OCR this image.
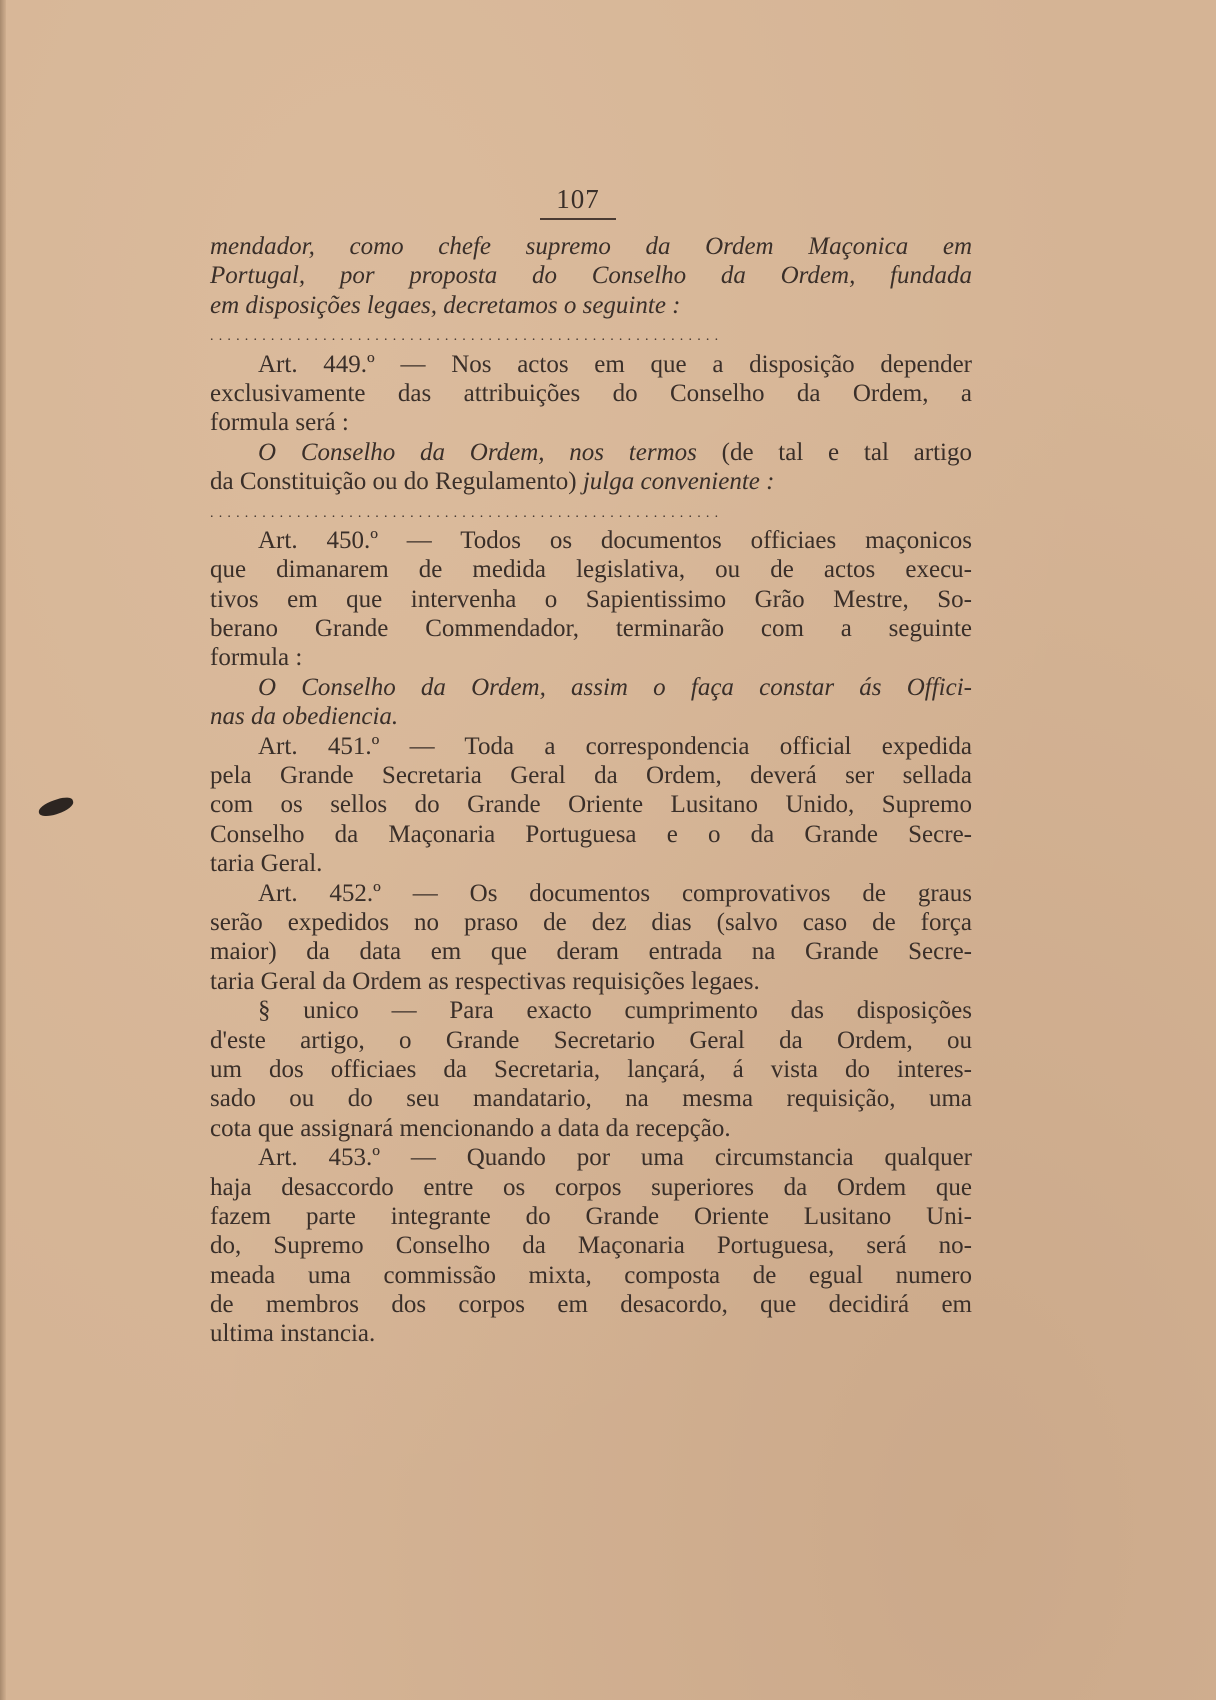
107
mendador, como chefe supremo da Ordem Maçonica em
Portugal, por proposta do Conselho da Ordem, fundada
em disposições legaes, decretamos o seguinte :
...........................................................
Art. 449.º — Nos actos em que a disposição depender
exclusivamente das attribuições do Conselho da Ordem, a
formula será :
O Conselho da Ordem, nos termos (de tal e tal artigo
da Constituição ou do Regulamento) julga conveniente :
...........................................................
Art. 450.º — Todos os documentos officiaes maçonicos
que dimanarem de medida legislativa, ou de actos execu-
tivos em que intervenha o Sapientissimo Grão Mestre, So-
berano Grande Commendador, terminarão com a seguinte
formula :
O Conselho da Ordem, assim o faça constar ás Offici-
nas da obediencia.
Art. 451.º — Toda a correspondencia official expedida
pela Grande Secretaria Geral da Ordem, deverá ser sellada
com os sellos do Grande Oriente Lusitano Unido, Supremo
Conselho da Maçonaria Portuguesa e o da Grande Secre-
taria Geral.
Art. 452.º — Os documentos comprovativos de graus
serão expedidos no praso de dez dias (salvo caso de força
maior) da data em que deram entrada na Grande Secre-
taria Geral da Ordem as respectivas requisições legaes.
§ unico — Para exacto cumprimento das disposições
d'este artigo, o Grande Secretario Geral da Ordem, ou
um dos officiaes da Secretaria, lançará, á vista do interes-
sado ou do seu mandatario, na mesma requisição, uma
cota que assignará mencionando a data da recepção.
Art. 453.º — Quando por uma circumstancia qualquer
haja desaccordo entre os corpos superiores da Ordem que
fazem parte integrante do Grande Oriente Lusitano Uni-
do, Supremo Conselho da Maçonaria Portuguesa, será no-
meada uma commissão mixta, composta de egual numero
de membros dos corpos em desacordo, que decidirá em
ultima instancia.
